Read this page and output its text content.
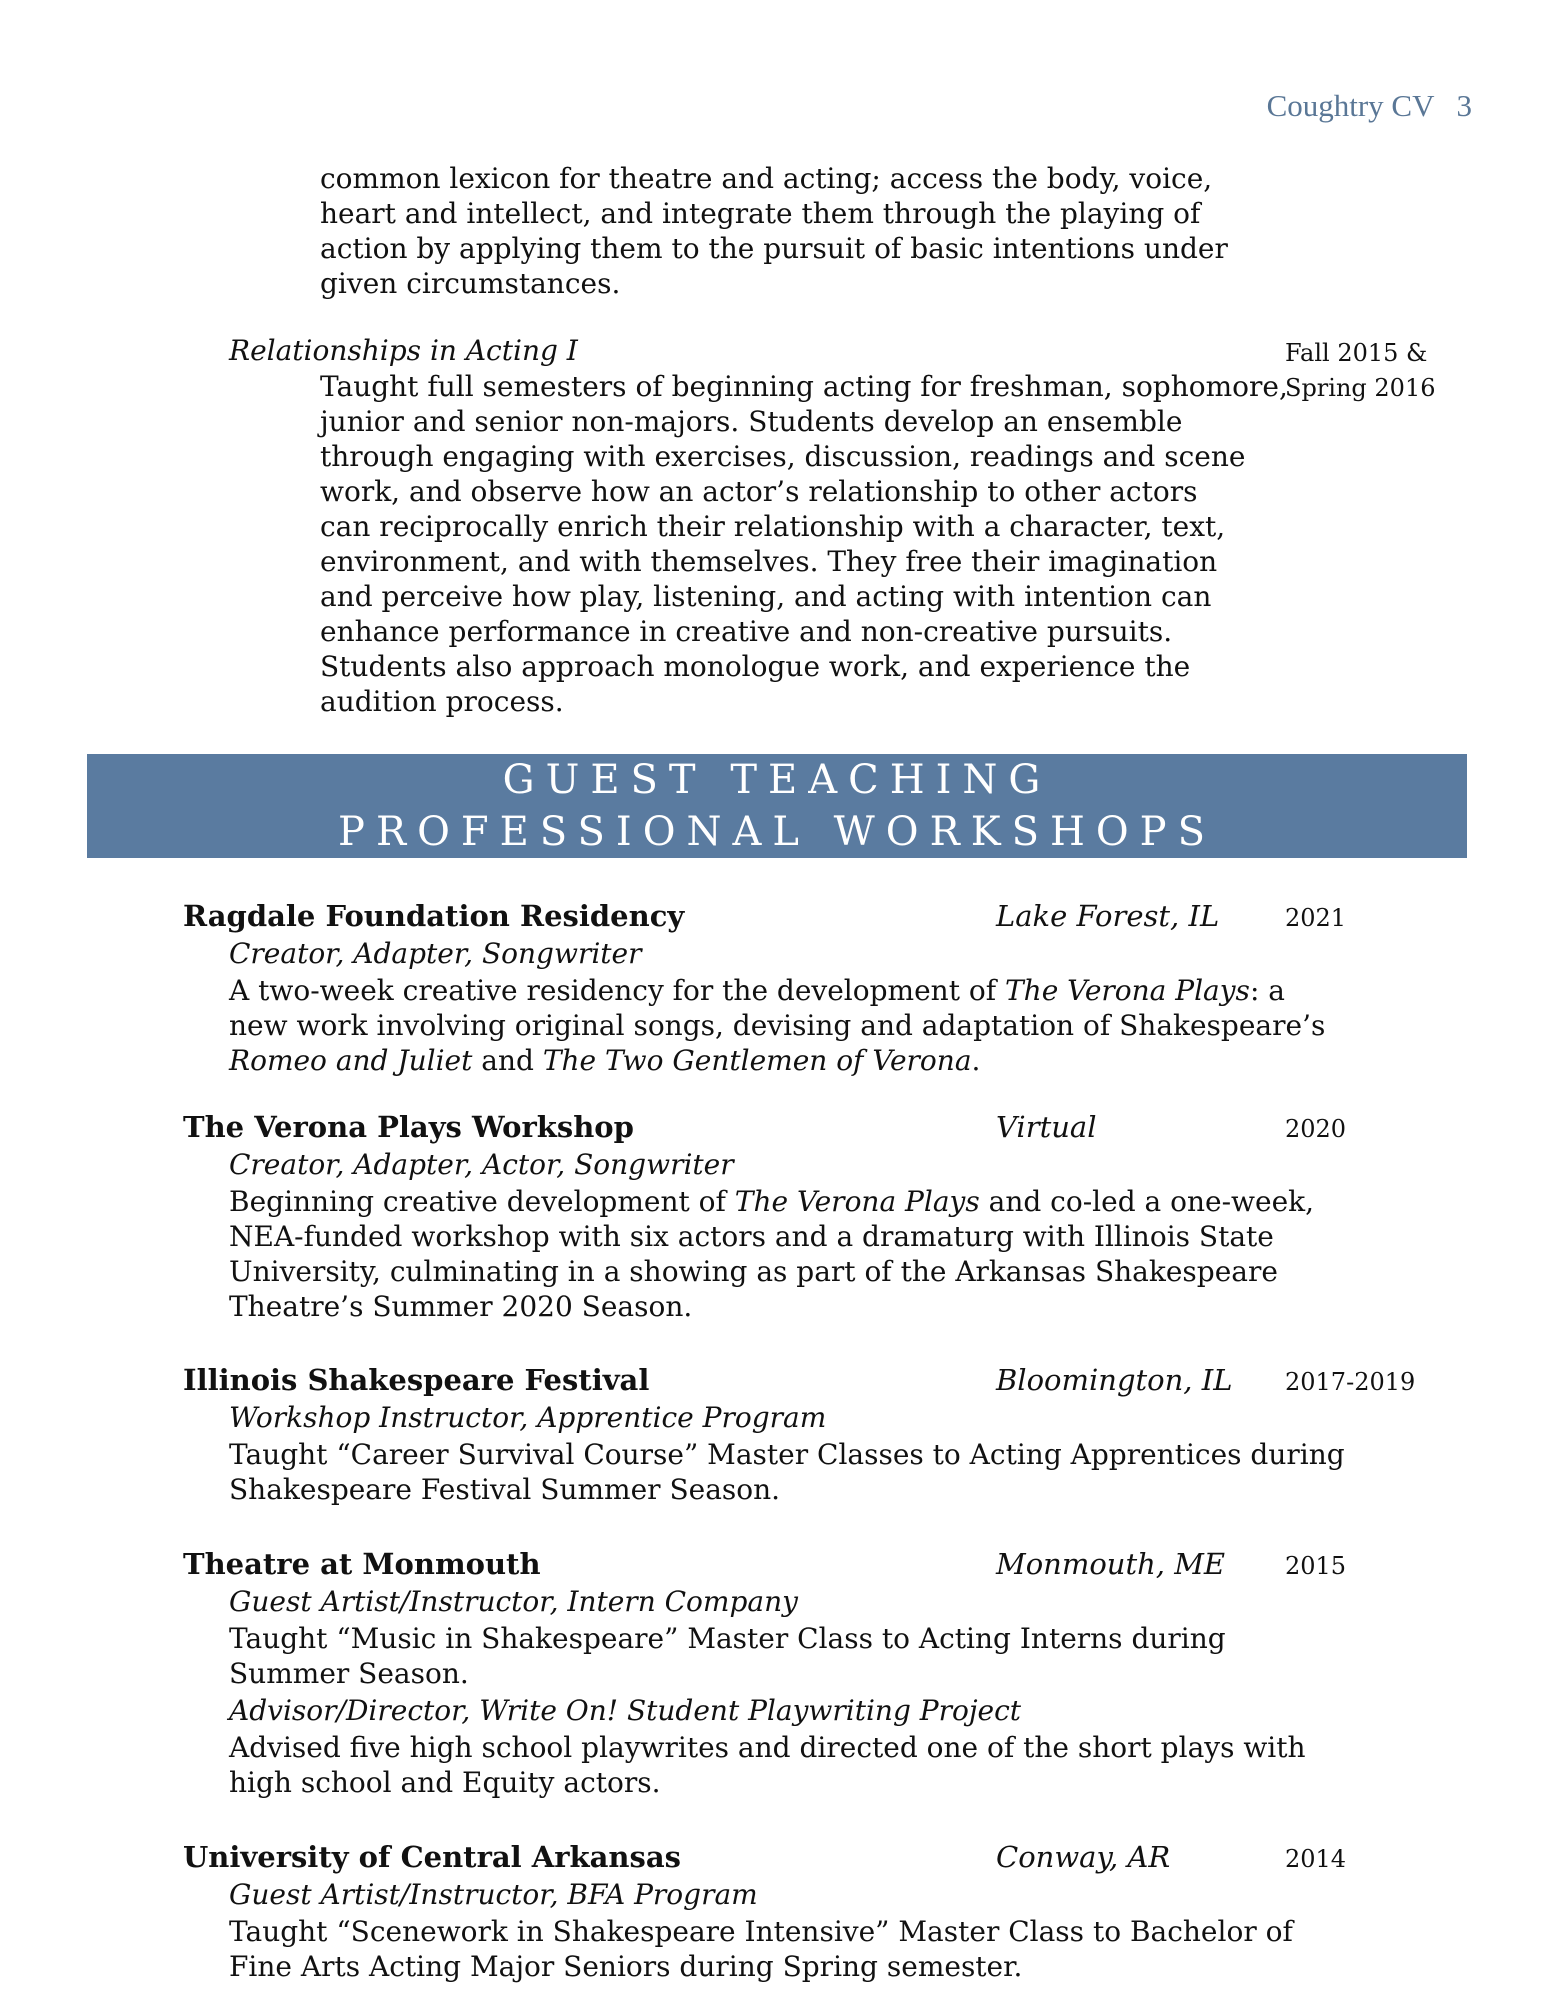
Coughtry CV 3
common lexicon for theatre and acting; access the body, voice,
heart and intellect, and integrate them through the playing of
action by applying them to the pursuit of basic intentions under
given circumstances.
Relationships in Acting I	Fall 2015 &
Spring 2016
Taught full semesters of beginning acting for freshman, sophomore,
junior and senior non-majors. Students develop an ensemble
through engaging with exercises, discussion, readings and scene
work, and observe how an actor’s relationship to other actors
can reciprocally enrich their relationship with a character, text,
environment, and with themselves. They free their imagination
and perceive how play, listening, and acting with intention can
enhance performance in creative and non-creative pursuits.
Students also approach monologue work, and experience the
audition process.
GUEST TEACHING
PROFESSIONAL WORKSHOPS
Ragdale Foundation Residency	Lake Forest, IL	2021
Creator, Adapter, Songwriter
A two-week creative residency for the development of The Verona Plays: a
new work involving original songs, devising and adaptation of Shakespeare’s
Romeo and Juliet and The Two Gentlemen of Verona.
The Verona Plays Workshop	Virtual	2020
Creator, Adapter, Actor, Songwriter
Beginning creative development of The Verona Plays and co-led a one-week,
NEA-funded workshop with six actors and a dramaturg with Illinois State
University, culminating in a showing as part of the Arkansas Shakespeare
Theatre’s Summer 2020 Season.
Illinois Shakespeare Festival	Bloomington, IL 2017-2019
Workshop Instructor, Apprentice Program
Taught “Career Survival Course” Master Classes to Acting Apprentices during
Shakespeare Festival Summer Season.
Theatre at Monmouth	Monmouth, ME 2015
Guest Artist/Instructor, Intern Company
Taught “Music in Shakespeare” Master Class to Acting Interns during
Summer Season.
Advisor/Director, Write On! Student Playwriting Project
Advised five high school playwrites and directed one of the short plays with
high school and Equity actors.
University of Central Arkansas	Conway, AR	2014
Guest Artist/Instructor, BFA Program
Taught “Scenework in Shakespeare Intensive” Master Class to Bachelor of
Fine Arts Acting Major Seniors during Spring semester.
